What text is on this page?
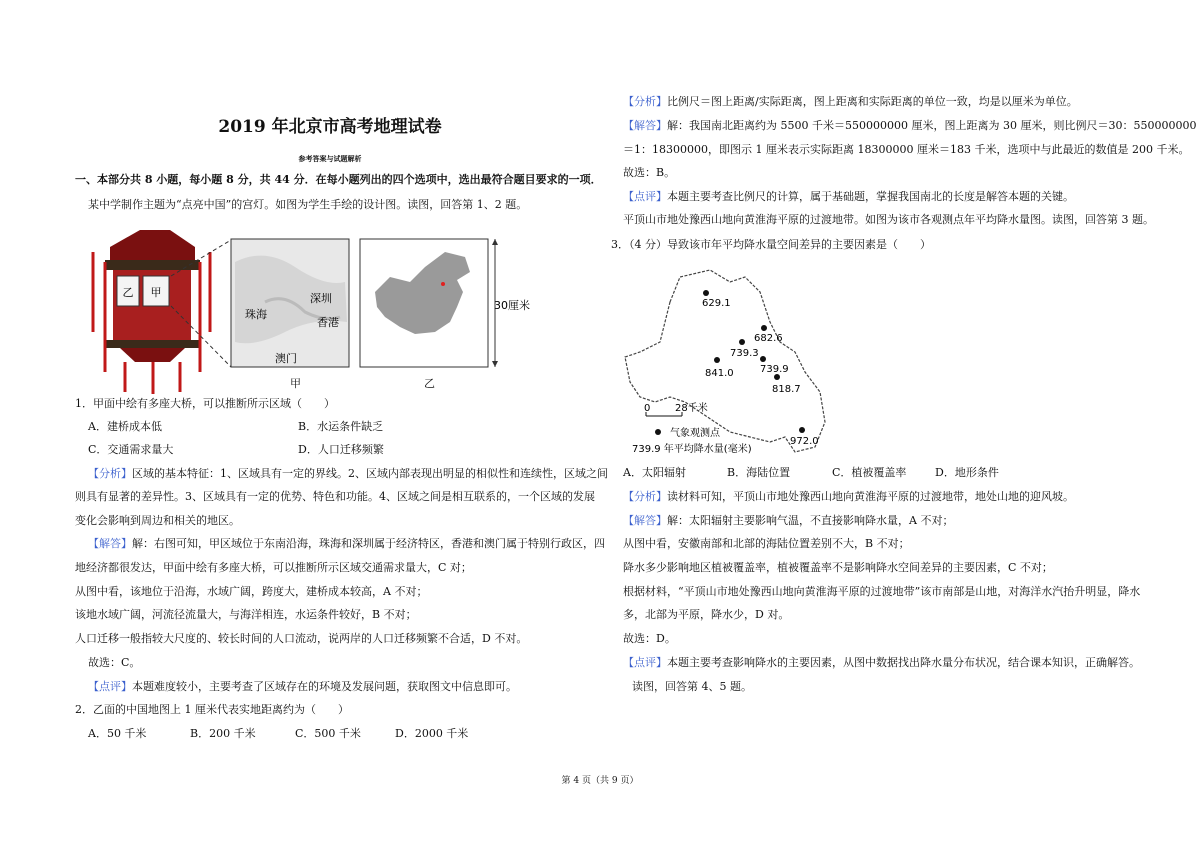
2019 年北京市高考地理试卷
参考答案与试题解析
一、本部分共 8 小题，每小题 8 分，共 44 分．在每小题列出的四个选项中，选出最符合题目要求的一项．
某中学制作主题为“点亮中国”的宫灯。如图为学生手绘的设计图。读图，回答第 1、2 题。
乙 甲	深圳
珠海
香港
澳门
30厘米
甲	乙
1．甲面中绘有多座大桥，可以推断所示区域（　　）
A．建桥成本低	B．水运条件缺乏
C．交通需求量大	D．人口迁移频繁
【分析】区域的基本特征：1、区域具有一定的界线。2、区域内部表现出明显的相似性和连续性，区域之间
则具有显著的差异性。3、区域具有一定的优势、特色和功能。4、区域之间是相互联系的，一个区域的发展
变化会影响到周边和相关的地区。
【解答】解：右图可知，甲区域位于东南沿海，珠海和深圳属于经济特区，香港和澳门属于特别行政区，四
地经济都很发达，甲面中绘有多座大桥，可以推断所示区域交通需求量大，C 对；
从图中看，该地位于沿海，水域广阔，跨度大，建桥成本较高，A 不对；
该地水域广阔，河流径流量大，与海洋相连，水运条件较好，B 不对；
人口迁移一般指较大尺度的、较长时间的人口流动，说两岸的人口迁移频繁不合适，D 不对。
故选：C。
【点评】本题难度较小，主要考查了区域存在的环境及发展问题，获取图文中信息即可。
2．乙面的中国地图上 1 厘米代表实地距离约为（　　）
A．50 千米	B．200 千米	C．500 千米	D．2000 千米
【分析】比例尺＝图上距离/实际距离，图上距离和实际距离的单位一致，均是以厘米为单位。
【解答】解：我国南北距离约为 5500 千米＝550000000 厘米，图上距离为 30 厘米，则比例尺＝30：550000000
＝1：18300000，即图示 1 厘米表示实际距离 18300000 厘米＝183 千米，选项中与此最近的数值是 200 千米。
故选：B。
【点评】本题主要考查比例尺的计算，属于基础题，掌握我国南北的长度是解答本题的关键。
平顶山市地处豫西山地向黄淮海平原的过渡地带。如图为该市各观测点年平均降水量图。读图，回答第 3 题。
3．（4 分）导致该市年平均降水量空间差异的主要因素是（　　）
629.1
682.6
739.3
841.0	739.9
818.7
972.0
0 28千米
气象观测点
739.9 年平均降水量(毫米)
A．太阳辐射	B．海陆位置	C．植被覆盖率	D．地形条件
【分析】读材料可知，平顶山市地处豫西山地向黄淮海平原的过渡地带，地处山地的迎风坡。
【解答】解：太阳辐射主要影响气温，不直接影响降水量，A 不对；
从图中看，安徽南部和北部的海陆位置差别不大，B 不对；
降水多少影响地区植被覆盖率，植被覆盖率不是影响降水空间差异的主要因素，C 不对；
根据材料，“平顶山市地处豫西山地向黄淮海平原的过渡地带”该市南部是山地，对海洋水汽抬升明显，降水
多，北部为平原，降水少，D 对。
故选：D。
【点评】本题主要考查影响降水的主要因素，从图中数据找出降水量分布状况，结合课本知识，正确解答。
读图，回答第 4、5 题。
第 4 页（共 9 页）
